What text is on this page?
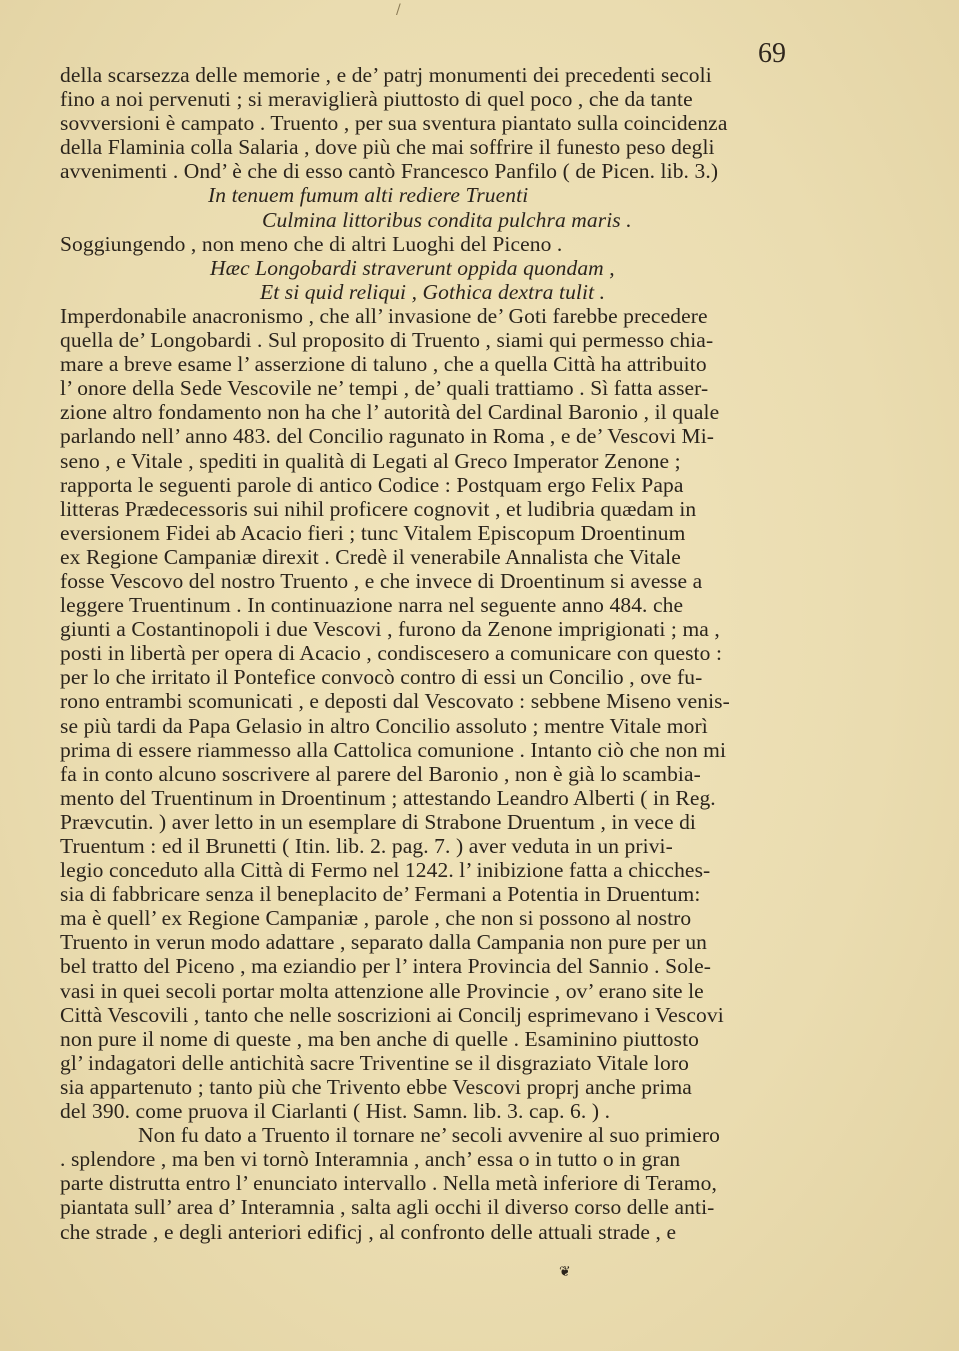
/
69
della scarsezza delle memorie , e de’ patrj monumenti dei precedenti secoli
fino a noi pervenuti ; si meraviglierà piuttosto di quel poco , che da tante
sovversioni è campato . Truento , per sua sventura piantato sulla coincidenza
della Flaminia colla Salaria , dove più che mai soffrire il funesto peso degli
avvenimenti . Ond’ è che di esso cantò Francesco Panfilo ( de Picen. lib. 3.)
In tenuem fumum alti rediere Truenti
Culmina littoribus condita pulchra maris .
Soggiungendo , non meno che di altri Luoghi del Piceno .
Hæc Longobardi straverunt oppida quondam ,
Et si quid reliqui , Gothica dextra tulit .
Imperdonabile anacronismo , che all’ invasione de’ Goti farebbe precedere
quella de’ Longobardi . Sul proposito di Truento , siami qui permesso chia-
mare a breve esame l’ asserzione di taluno , che a quella Città ha attribuito
l’ onore della Sede Vescovile ne’ tempi , de’ quali trattiamo . Sì fatta asser-
zione altro fondamento non ha che l’ autorità del Cardinal Baronio , il quale
parlando nell’ anno 483. del Concilio ragunato in Roma , e de’ Vescovi Mi-
seno , e Vitale , spediti in qualità di Legati al Greco Imperator Zenone ;
rapporta le seguenti parole di antico Codice : Postquam ergo Felix Papa
litteras Prædecessoris sui nihil proficere cognovit , et ludibria quædam in
eversionem Fidei ab Acacio fieri ; tunc Vitalem Episcopum Droentinum
ex Regione Campaniæ direxit . Credè il venerabile Annalista che Vitale
fosse Vescovo del nostro Truento , e che invece di Droentinum si avesse a
leggere Truentinum . In continuazione narra nel seguente anno 484. che
giunti a Costantinopoli i due Vescovi , furono da Zenone imprigionati ; ma ,
posti in libertà per opera di Acacio , condiscesero a comunicare con questo :
per lo che irritato il Pontefice convocò contro di essi un Concilio , ove fu-
rono entrambi scomunicati , e deposti dal Vescovato : sebbene Miseno venis-
se più tardi da Papa Gelasio in altro Concilio assoluto ; mentre Vitale morì
prima di essere riammesso alla Cattolica comunione . Intanto ciò che non mi
fa in conto alcuno soscrivere al parere del Baronio , non è già lo scambia-
mento del Truentinum in Droentinum ; attestando Leandro Alberti ( in Reg.
Prævcutin. ) aver letto in un esemplare di Strabone Druentum , in vece di
Truentum : ed il Brunetti ( Itin. lib. 2. pag. 7. ) aver veduta in un privi-
legio conceduto alla Città di Fermo nel 1242. l’ inibizione fatta a chicches-
sia di fabbricare senza il beneplacito de’ Fermani a Potentia in Druentum:
ma è quell’ ex Regione Campaniæ , parole , che non si possono al nostro
Truento in verun modo adattare , separato dalla Campania non pure per un
bel tratto del Piceno , ma eziandio per l’ intera Provincia del Sannio . Sole-
vasi in quei secoli portar molta attenzione alle Provincie , ov’ erano site le
Città Vescovili , tanto che nelle soscrizioni ai Concilj esprimevano i Vescovi
non pure il nome di queste , ma ben anche di quelle . Esaminino piuttosto
gl’ indagatori delle antichità sacre Triventine se il disgraziato Vitale loro
sia appartenuto ; tanto più che Trivento ebbe Vescovi proprj anche prima
del 390. come pruova il Ciarlanti ( Hist. Samn. lib. 3. cap. 6. ) .
Non fu dato a Truento il tornare ne’ secoli avvenire al suo primiero
. splendore , ma ben vi tornò Interamnia , anch’ essa o in tutto o in gran
parte distrutta entro l’ enunciato intervallo . Nella metà inferiore di Teramo,
piantata sull’ area d’ Interamnia , salta agli occhi il diverso corso delle anti-
che strade , e degli anteriori edificj , al confronto delle attuali strade , e
❦
